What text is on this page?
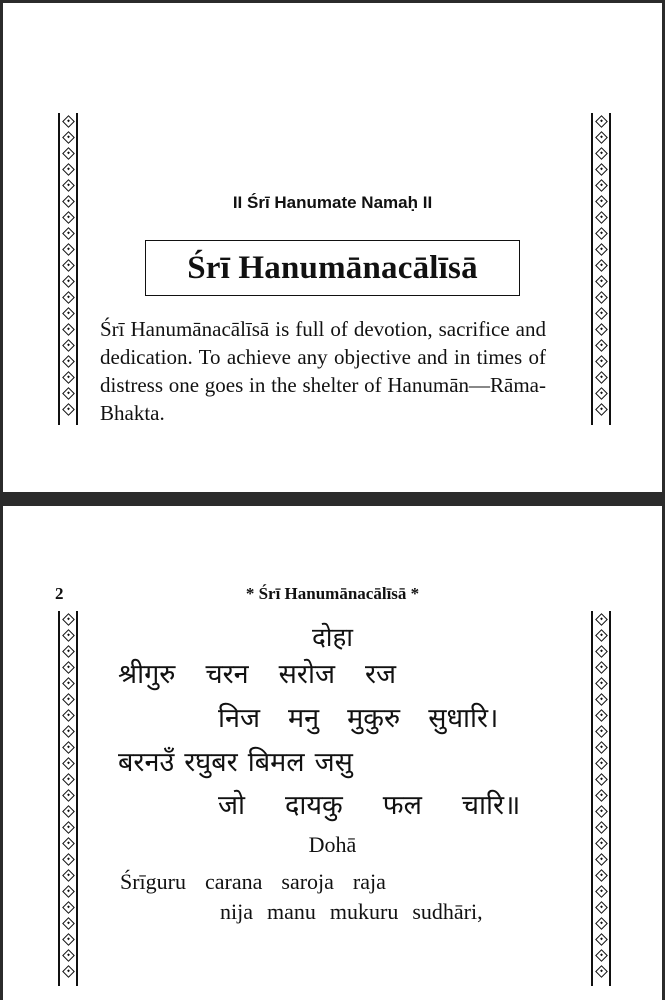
II Śrī Hanumate Namaḥ II
Śrī Hanumānacālīsā

Śrī Hanumānacālīsā is full of devotion, sacrifice and dedication. To achieve any objective and in times of distress one goes in the shelter of Hanumān—Rāma-Bhakta.

2	* Śrī Hanumānacālīsā *
दोहा
श्रीगुरु चरन सरोज रज
निज मनु मुकुरु सुधारि।
बरनउँ रघुबर बिमल जसु
जो दायकु फल चारि॥
Dohā
Śrīguru carana saroja raja
nija manu mukuru sudhāri,
